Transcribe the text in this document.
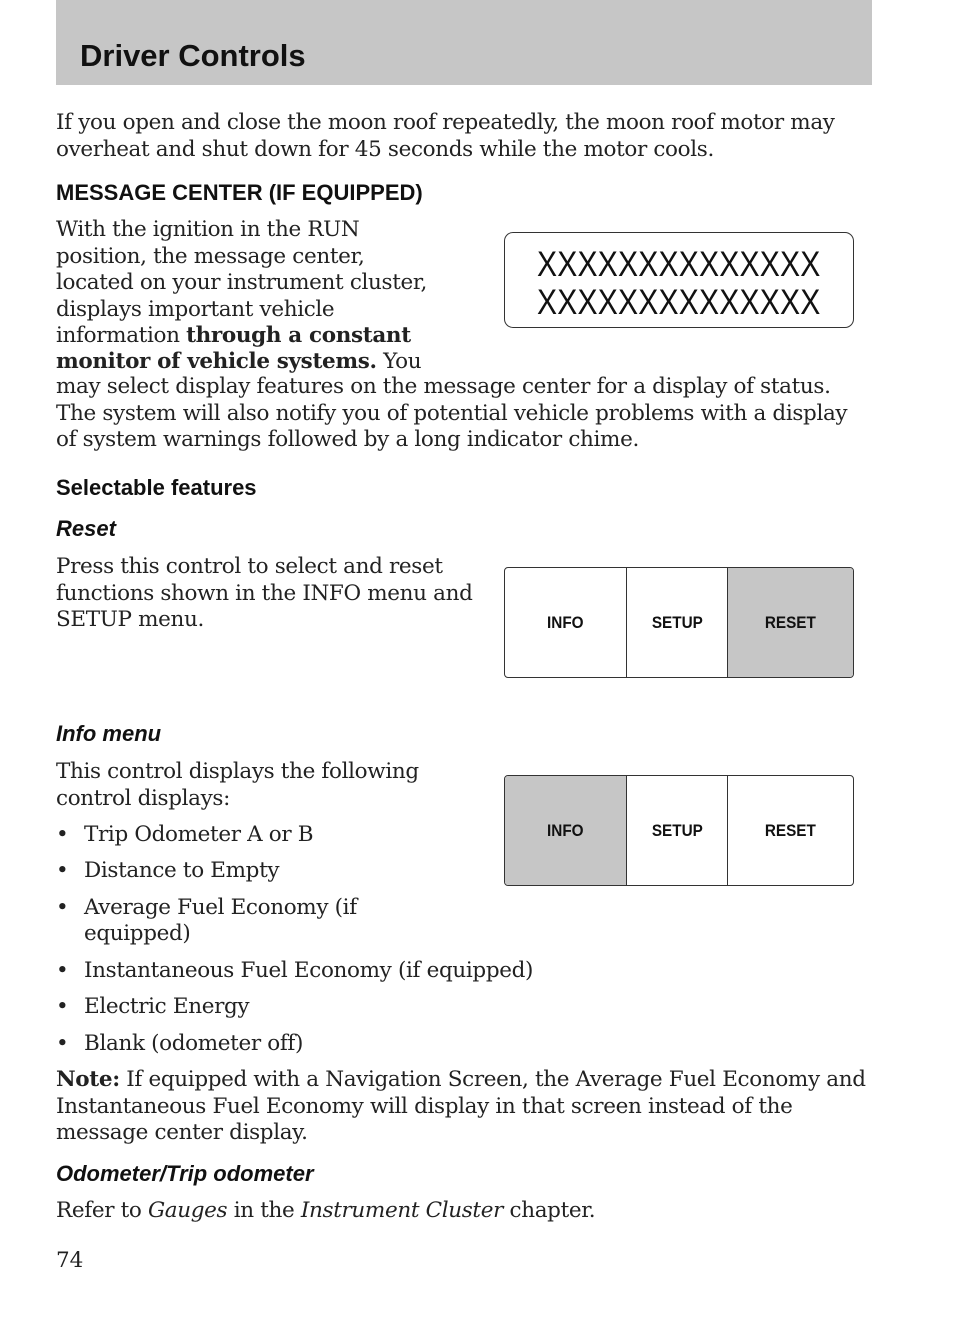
Driver Controls

If you open and close the moon roof repeatedly, the moon roof motor may overheat and shut down for 45 seconds while the motor cools.

MESSAGE CENTER (IF EQUIPPED)

With the ignition in the RUN

position, the message center,

located on your instrument cluster,

displays important vehicle

information through a constant

monitor of vehicle systems. You

may select display features on the message center for a display of status. The system will also notify you of potential vehicle problems with a display of system warnings followed by a long indicator chime.

XXXXXXXXXXXXXX

XXXXXXXXXXXXXX

Selectable features
Reset

Press this control to select and reset functions shown in the INFO menu and SETUP menu.	INFO	SETUP	RESET
Info menu

This control displays the following control displays:

INFO	SETUP	RESET
• Trip Odometer A or B
• Distance to Empty
• Average Fuel Economy (if
equipped)
• Instantaneous Fuel Economy (if equipped)
• Electric Energy
• Blank (odometer off)

Note: If equipped with a Navigation Screen, the Average Fuel Economy and Instantaneous Fuel Economy will display in that screen instead of the message center display.

Odometer/Trip odometer

Refer to Gauges in the Instrument Cluster chapter.

74
